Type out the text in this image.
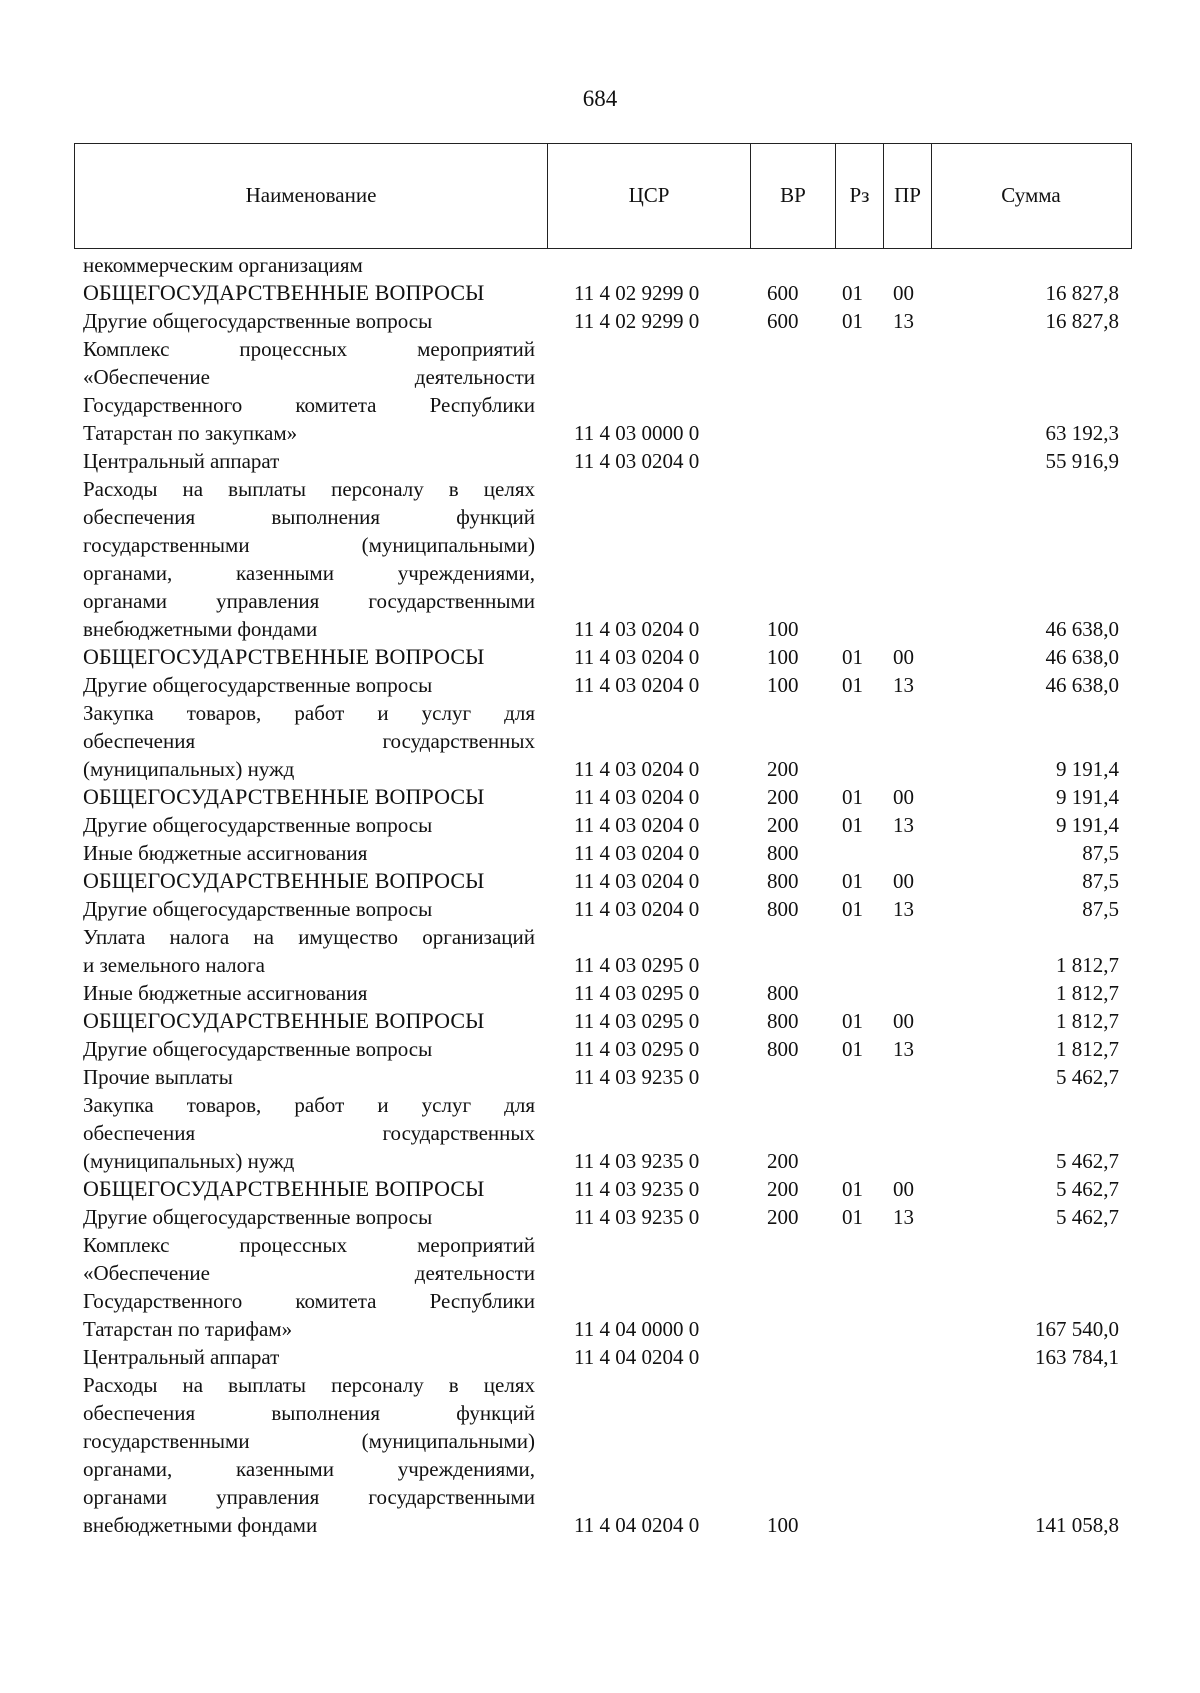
684
Наименование	ЦСР	ВР	Рз	ПР	Сумма
некоммерческим организациям
ОБЩЕГОСУДАРСТВЕННЫЕ ВОПРОСЫ	11 4 02 9299 0	600 01 00	16 827,8
Другие общегосударственные вопросы	11 4 02 9299 0	600 01 13	16 827,8
Комплекс процессных мероприятий
«Обеспечение деятельности
Государственного комитета Республики
Татарстан по закупкам»	11 4 03 0000 0	63 192,3
Центральный аппарат	11 4 03 0204 0	55 916,9
Расходы на выплаты персоналу в целях
обеспечения выполнения функций
государственными (муниципальными)
органами, казенными учреждениями,
органами управления государственными
внебюджетными фондами	11 4 03 0204 0	100	46 638,0
ОБЩЕГОСУДАРСТВЕННЫЕ ВОПРОСЫ	11 4 03 0204 0	100 01 00	46 638,0
Другие общегосударственные вопросы	11 4 03 0204 0	100 01 13	46 638,0
Закупка товаров, работ и услуг для
обеспечения государственных
(муниципальных) нужд	11 4 03 0204 0	200	9 191,4
ОБЩЕГОСУДАРСТВЕННЫЕ ВОПРОСЫ	11 4 03 0204 0	200 01 00	9 191,4
Другие общегосударственные вопросы	11 4 03 0204 0	200 01 13	9 191,4
Иные бюджетные ассигнования	11 4 03 0204 0	800	87,5
ОБЩЕГОСУДАРСТВЕННЫЕ ВОПРОСЫ	11 4 03 0204 0	800 01 00	87,5
Другие общегосударственные вопросы	11 4 03 0204 0	800 01 13	87,5
Уплата налога на имущество организаций
и земельного налога	11 4 03 0295 0	1 812,7
Иные бюджетные ассигнования	11 4 03 0295 0	800	1 812,7
ОБЩЕГОСУДАРСТВЕННЫЕ ВОПРОСЫ	11 4 03 0295 0	800 01 00	1 812,7
Другие общегосударственные вопросы	11 4 03 0295 0	800 01 13	1 812,7
Прочие выплаты	11 4 03 9235 0	5 462,7
Закупка товаров, работ и услуг для
обеспечения государственных
(муниципальных) нужд	11 4 03 9235 0	200	5 462,7
ОБЩЕГОСУДАРСТВЕННЫЕ ВОПРОСЫ	11 4 03 9235 0	200 01 00	5 462,7
Другие общегосударственные вопросы	11 4 03 9235 0	200 01 13	5 462,7
Комплекс процессных мероприятий
«Обеспечение деятельности
Государственного комитета Республики
Татарстан по тарифам»	11 4 04 0000 0	167 540,0
Центральный аппарат	11 4 04 0204 0	163 784,1
Расходы на выплаты персоналу в целях
обеспечения выполнения функций
государственными (муниципальными)
органами, казенными учреждениями,
органами управления государственными
внебюджетными фондами	11 4 04 0204 0	100	141 058,8
